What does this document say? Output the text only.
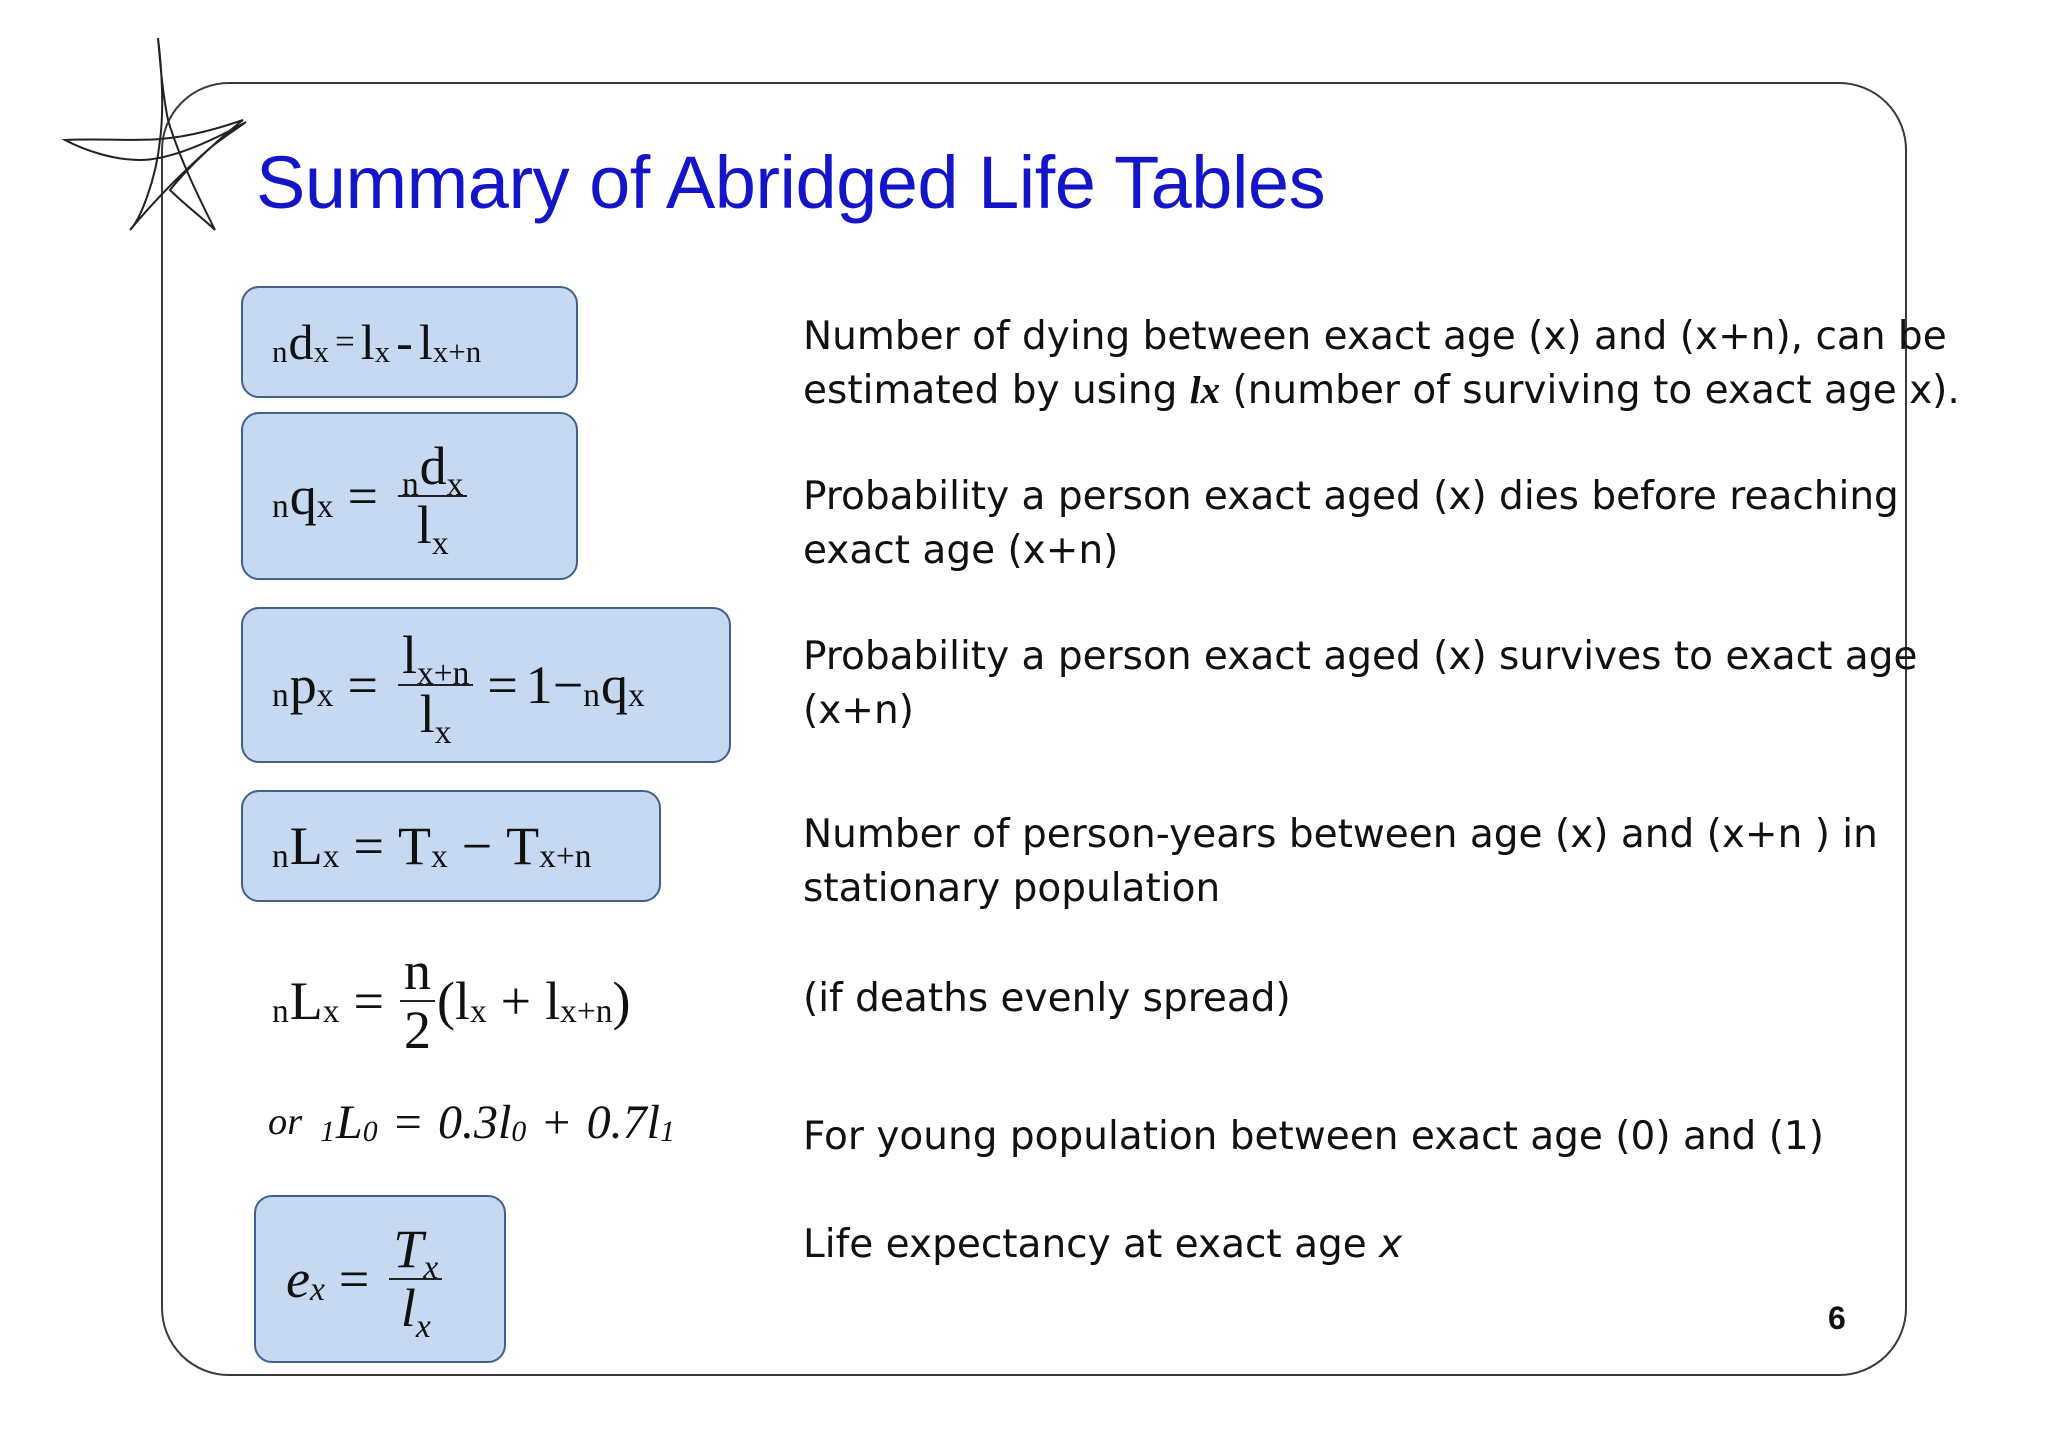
Summary of Abridged Life Tables
n d x = l x - l x+n	Number of dying between exact age (x) and (x+n), can be
estimated by using lx (number of surviving to exact age x).

n q $x = \frac{\text{ndx}}{lx}$	Probability a person exact aged (x) dies before reaching
exact age (x+n)

n p $x = \frac{lx+n}{lx} = 1 - n$ q x

Probability a person exact aged (x) survives to exact age
(x+n)

n L x = T x − T x+n	Number of person-years between age (x) and (x+n ) in
stationary population

n L $x = \frac{n}{2}$ ( l x + l x+n )	(if deaths evenly spread)

or 1 L 0 = 0.3 l 0 + 0.7 l 1	For young population between exact age (0) and (1)

e $x = \frac{Tx}{lx}$	Life expectancy at exact age x

6
